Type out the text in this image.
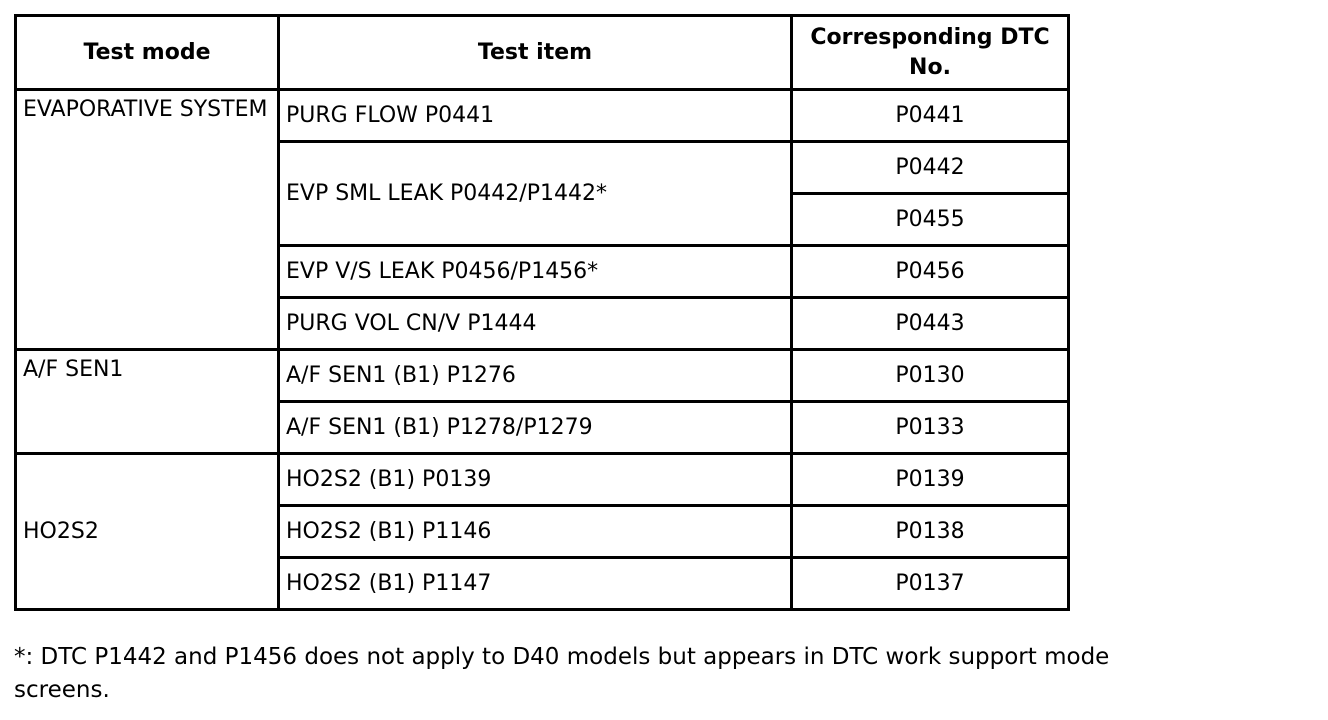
Test mode	Test item	Corresponding DTC No.
EVAPORATIVE SYSTEM	PURG FLOW P0441	P0441
	EVP SML LEAK P0442/P1442*	P0442
		P0455
	EVP V/S LEAK P0456/P1456*	P0456
	PURG VOL CN/V P1444	P0443
A/F SEN1	A/F SEN1 (B1) P1276	P0130
	A/F SEN1 (B1) P1278/P1279	P0133
HO2S2	HO2S2 (B1) P0139	P0139
	HO2S2 (B1) P1146	P0138
	HO2S2 (B1) P1147	P0137
*: DTC P1442 and P1456 does not apply to D40 models but appears in DTC work support mode
screens.
